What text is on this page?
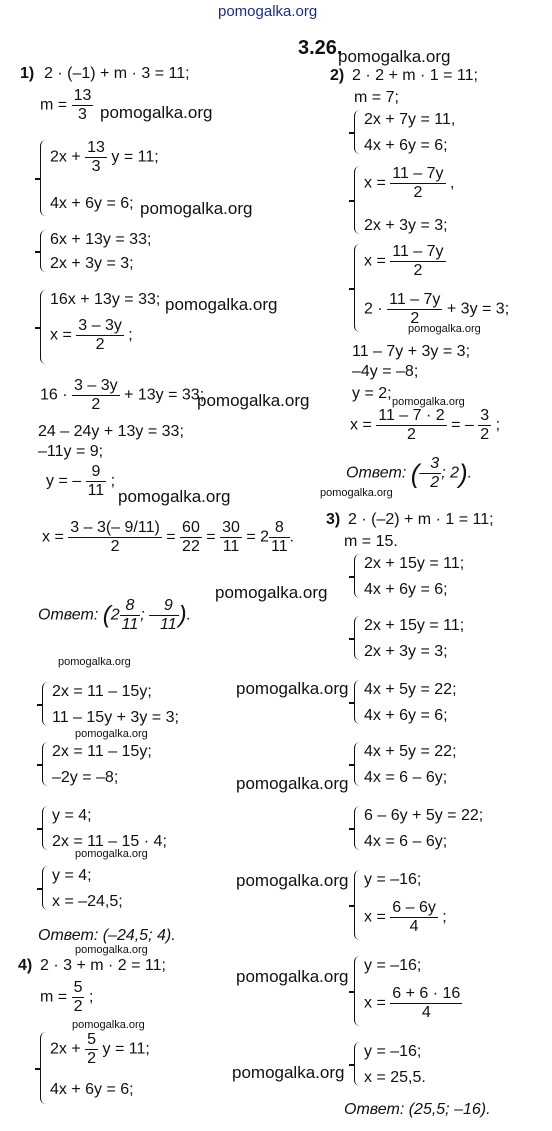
pomogalka.org
pomogalka.org
pomogalka.org
pomogalka.org
pomogalka.org
pomogalka.org
pomogalka.org
pomogalka.org
pomogalka.org
pomogalka.org
pomogalka.org
pomogalka.org
pomogalka.org
pomogalka.org
pomogalka.org
pomogalka.org
pomogalka.org
pomogalka.org
pomogalka.org
pomogalka.org
pomogalka.org
3.26.
1) 2 · (–1) + m · 3 = 11;
$m = \frac{13}{3}$
$2x + \frac{13}{3}$ y = 11;
4x + 6y = 6;
6x + 13y = 33;
2x + 3y = 3;
16x + 13y = 33;
$x = \frac{3 - 3y}{2}$ ;
$16 \cdot \frac{3 - 3y}{2} + 13y = 33$;
24 – 24y + 13y = 33;
–11y = 9;
y = – $\frac{9}{11}$ ;
$x = \frac{3 - 3(- 9/11)}{2} = \frac{60}{22} = \frac{30}{11} = 2 \frac{8}{11}$ .
Ответ: ($2 \frac{8}{11}$ ; – $\frac{9}{11}$ ).
2x = 11 – 15y;
11 – 15y + 3y = 3;
2x = 11 – 15y;
–2y = –8;
y = 4;
2x = 11 – 15 · 4;
y = 4;
x = –24,5;
Ответ: (–24,5; 4).
4) 2 · 3 + m · 2 = 11;
$m = \frac{5}{2}$ ;
$2x + \frac{5}{2}$ y = 11;
4x + 6y = 6;
2) 2 · 2 + m · 1 = 11;
m = 7;
2x + 7y = 11,
4x + 6y = 6;
$x = \frac{11 - 7y}{2}$ ,
2x + 3y = 3;
$x = \frac{11 - 7y}{2}$
$2 \cdot \frac{11 - 7y}{2} + 3y = 3$;
11 – 7y + 3y = 3;
–4y = –8;
y = 2;
$x = \frac{11 - 7 \cdot 2}{2}$ = – $\frac{3}{2}$ ;
Ответ: (– $\frac{3}{2}$ ; 2).
3) 2 · (–2) + m · 1 = 11;
m = 15.
2x + 15y = 11;
4x + 6y = 6;
2x + 15y = 11;
2x + 3y = 3;
4x + 5y = 22;
4x + 6y = 6;
4x + 5y = 22;
4x = 6 – 6y;
6 – 6y + 5y = 22;
4x = 6 – 6y;
y = –16;
$x = \frac{6 - 6y}{4}$ ;
y = –16;
$x = \frac{6 + 6 \cdot 16}{4}$
y = –16;
x = 25,5.
Ответ: (25,5; –16).
